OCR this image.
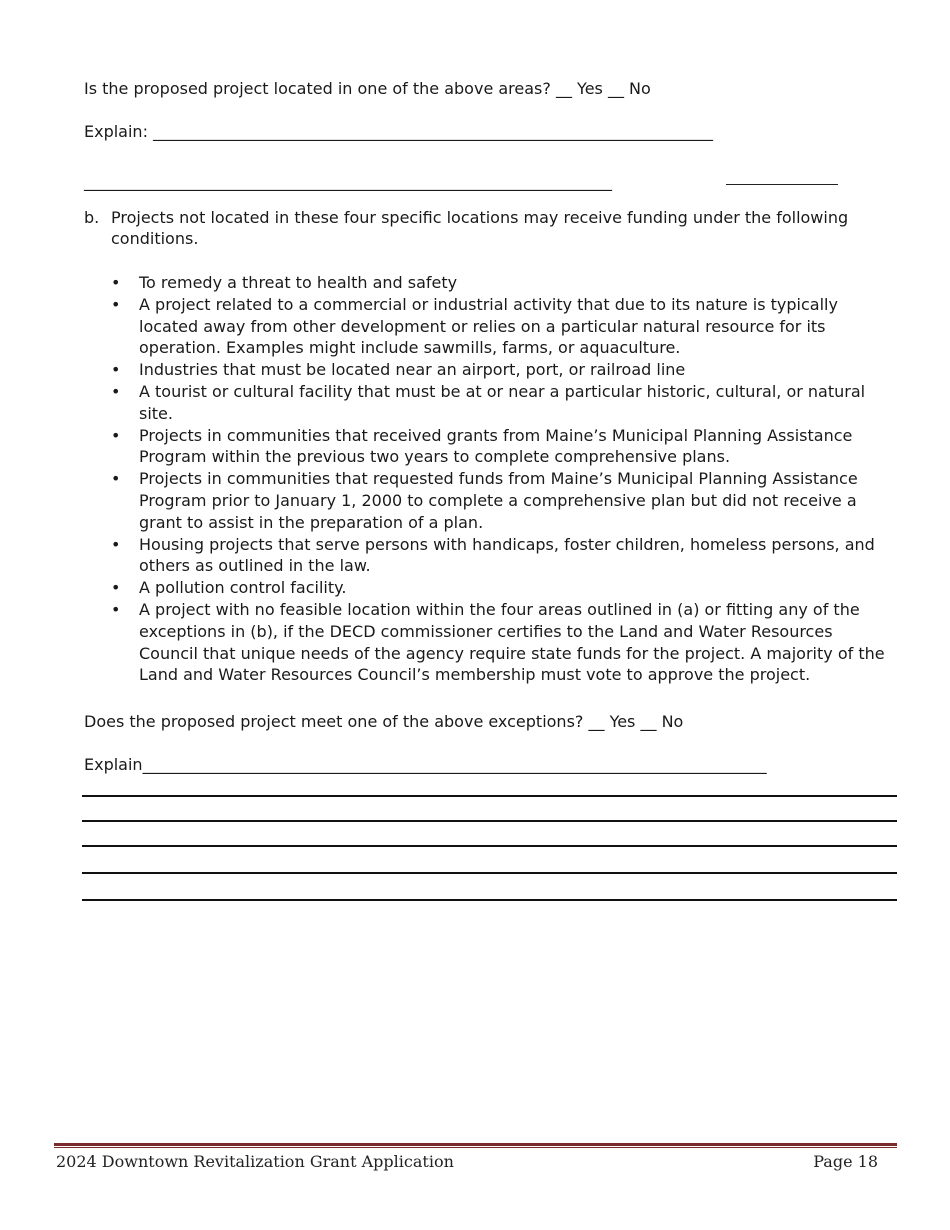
Is the proposed project located in one of the above areas? __ Yes __ No
Explain: ______________________________________________________________________
__________________________________________________________________
b. Projects not located in these four specific locations may receive funding under the following conditions.
• To remedy a threat to health and safety
• A project related to a commercial or industrial activity that due to its nature is typically located away from other development or relies on a particular natural resource for its operation. Examples might include sawmills, farms, or aquaculture.
• Industries that must be located near an airport, port, or railroad line
• A tourist or cultural facility that must be at or near a particular historic, cultural, or natural site.
• Projects in communities that received grants from Maine’s Municipal Planning Assistance Program within the previous two years to complete comprehensive plans.
• Projects in communities that requested funds from Maine’s Municipal Planning Assistance Program prior to January 1, 2000 to complete a comprehensive plan but did not receive a grant to assist in the preparation of a plan.
• Housing projects that serve persons with handicaps, foster children, homeless persons, and others as outlined in the law.
• A pollution control facility.
• A project with no feasible location within the four areas outlined in (a) or fitting any of the exceptions in (b), if the DECD commissioner certifies to the Land and Water Resources Council that unique needs of the agency require state funds for the project. A majority of the Land and Water Resources Council’s membership must vote to approve the project.
Does the proposed project meet one of the above exceptions? __ Yes __ No
Explain______________________________________________________________________________
2024 Downtown Revitalization Grant Application	Page 18
